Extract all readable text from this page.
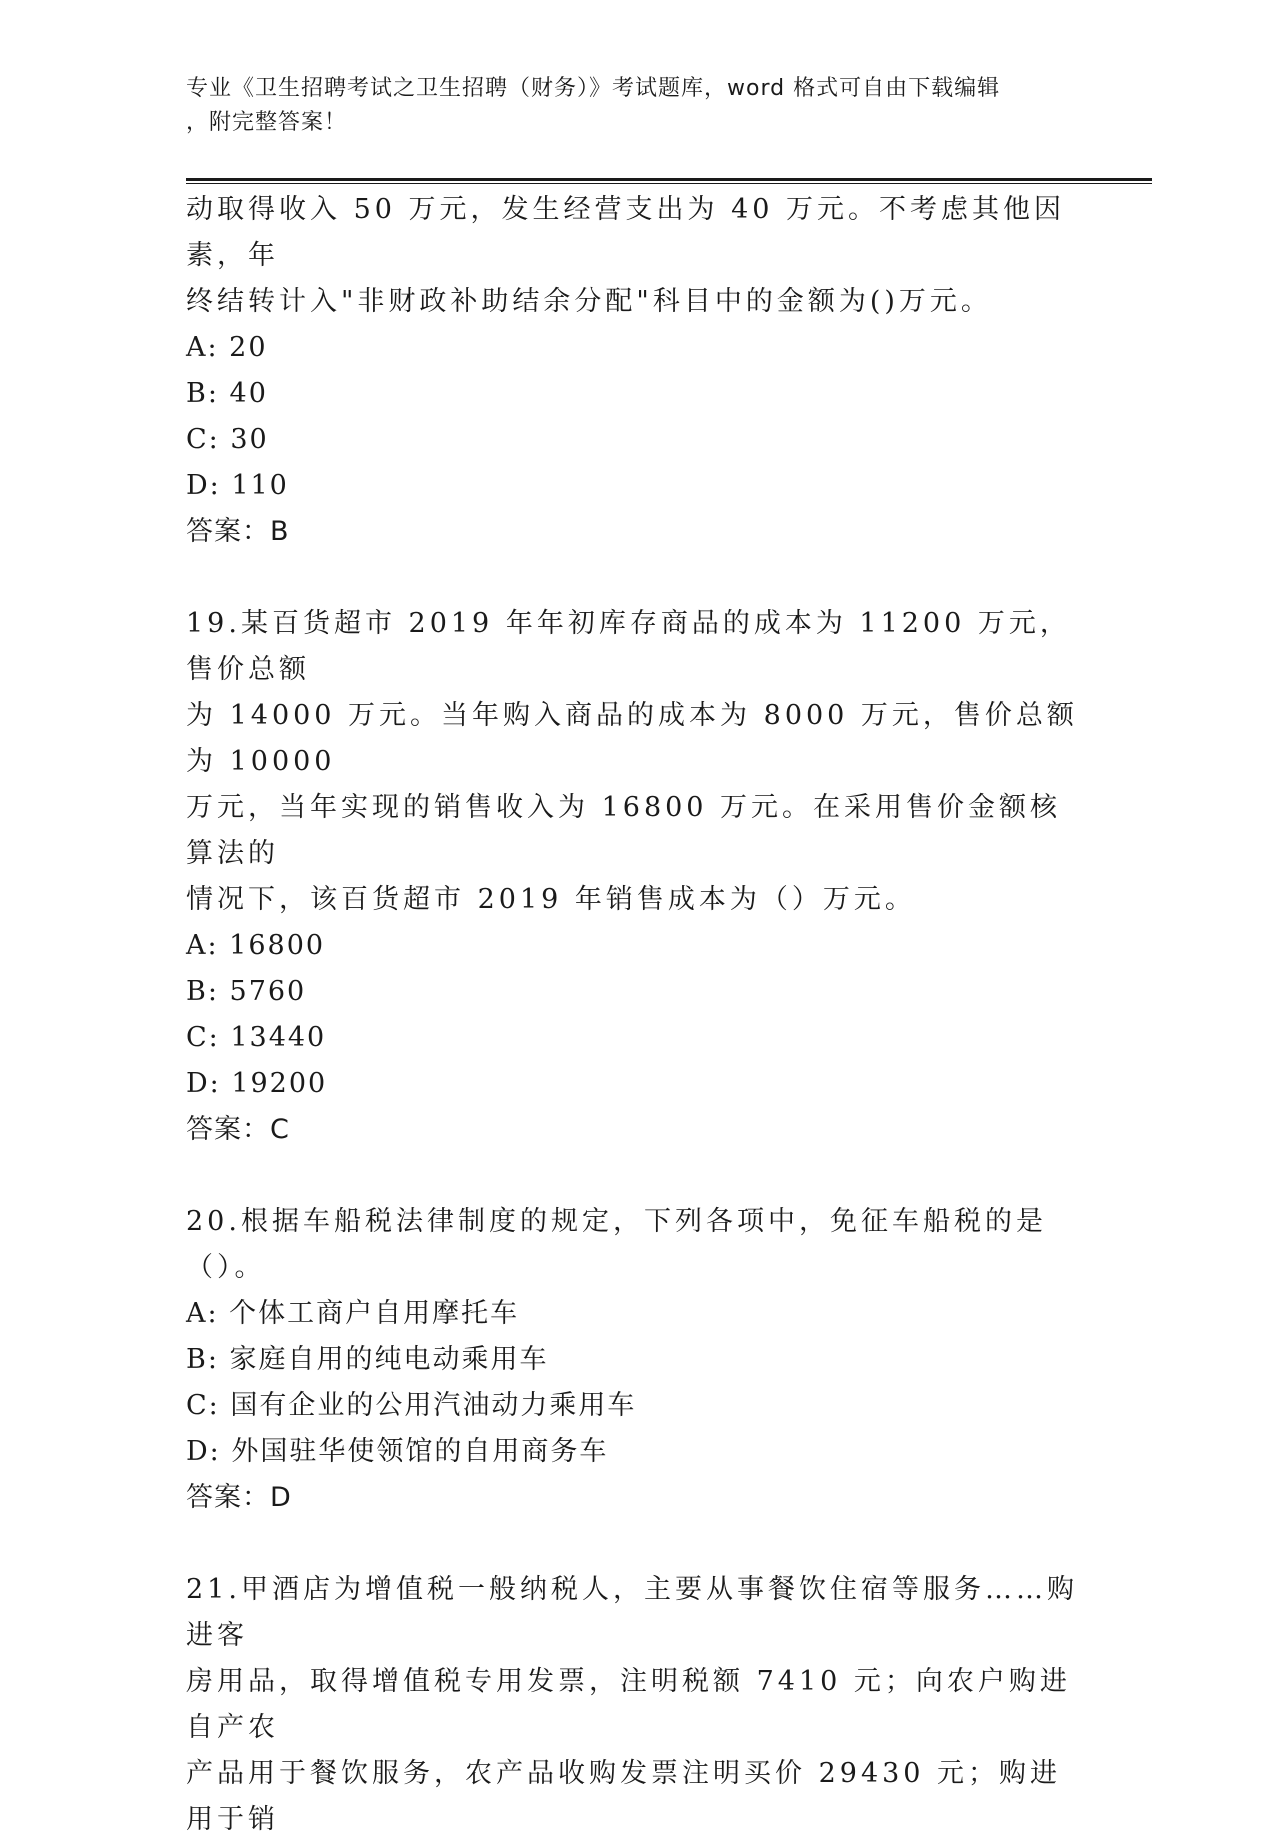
专业《卫生招聘考试之卫生招聘（财务）》考试题库，word 格式可自由下载编辑
，附完整答案！

动取得收入 50 万元，发生经营支出为 40 万元。不考虑其他因素，年

终结转计入"非财政补助结余分配"科目中的金额为()万元。

A: 20

B: 40

C: 30

D: 110

答案：B

19.某百货超市 2019 年年初库存商品的成本为 11200 万元，售价总额

为 14000 万元。当年购入商品的成本为 8000 万元，售价总额为 10000

万元，当年实现的销售收入为 16800 万元。在采用售价金额核算法的

情况下，该百货超市 2019 年销售成本为（）万元。

A: 16800

B: 5760

C: 13440

D: 19200

答案：C

20.根据车船税法律制度的规定，下列各项中，免征车船税的是（）。

A: 个体工商户自用摩托车

B: 家庭自用的纯电动乘用车

C: 国有企业的公用汽油动力乘用车

D: 外国驻华使领馆的自用商务车

答案：D

21.甲酒店为增值税一般纳税人，主要从事餐饮住宿等服务……购进客

房用品，取得增值税专用发票，注明税额 7410 元；向农户购进自产农

产品用于餐饮服务，农产品收购发票注明买价 29430 元；购进用于销
